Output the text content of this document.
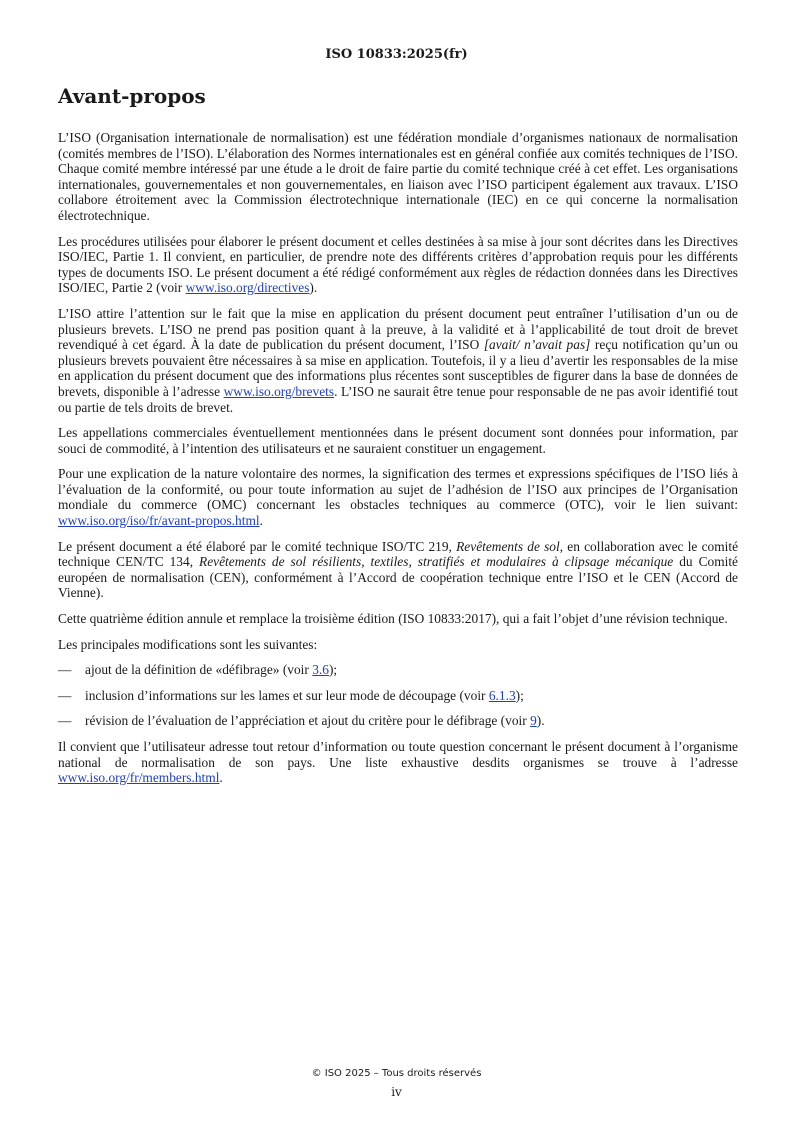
ISO 10833:2025(fr)
Avant-propos

L’ISO (Organisation internationale de normalisation) est une fédération mondiale d’organismes nationaux de normalisation (comités membres de l’ISO). L’élaboration des Normes internationales est en général confiée aux comités techniques de l’ISO. Chaque comité membre intéressé par une étude a le droit de faire partie du comité technique créé à cet effet. Les organisations internationales, gouvernementales et non gouvernementales, en liaison avec l’ISO participent également aux travaux. L’ISO collabore étroitement avec la Commission électrotechnique internationale (IEC) en ce qui concerne la normalisation électrotechnique.

Les procédures utilisées pour élaborer le présent document et celles destinées à sa mise à jour sont décrites dans les Directives ISO/IEC, Partie 1. Il convient, en particulier, de prendre note des différents critères d’approbation requis pour les différents types de documents ISO. Le présent document a été rédigé conformément aux règles de rédaction données dans les Directives ISO/IEC, Partie 2 (voir www.iso.org/directives).

L’ISO attire l’attention sur le fait que la mise en application du présent document peut entraîner l’utilisation d’un ou de plusieurs brevets. L’ISO ne prend pas position quant à la preuve, à la validité et à l’applicabilité de tout droit de brevet revendiqué à cet égard. À la date de publication du présent document, l’ISO [avait/ n’avait pas] reçu notification qu’un ou plusieurs brevets pouvaient être nécessaires à sa mise en application. Toutefois, il y a lieu d’avertir les responsables de la mise en application du présent document que des informations plus récentes sont susceptibles de figurer dans la base de données de brevets, disponible à l’adresse www.iso.org/brevets. L’ISO ne saurait être tenue pour responsable de ne pas avoir identifié tout ou partie de tels droits de brevet.

Les appellations commerciales éventuellement mentionnées dans le présent document sont données pour information, par souci de commodité, à l’intention des utilisateurs et ne sauraient constituer un engagement.

Pour une explication de la nature volontaire des normes, la signification des termes et expressions spécifiques de l’ISO liés à l’évaluation de la conformité, ou pour toute information au sujet de l’adhésion de l’ISO aux principes de l’Organisation mondiale du commerce (OMC) concernant les obstacles techniques au commerce (OTC), voir le lien suivant: www.iso.org/iso/fr/avant-propos.html.

Le présent document a été élaboré par le comité technique ISO/TC 219, Revêtements de sol, en collaboration avec le comité technique CEN/TC 134, Revêtements de sol résilients, textiles, stratifiés et modulaires à clipsage mécanique du Comité européen de normalisation (CEN), conformément à l’Accord de coopération technique entre l’ISO et le CEN (Accord de Vienne).

Cette quatrième édition annule et remplace la troisième édition (ISO 10833:2017), qui a fait l’objet d’une révision technique.

Les principales modifications sont les suivantes:

—	ajout de la définition de «défibrage» (voir 3.6);

—	inclusion d’informations sur les lames et sur leur mode de découpage (voir 6.1.3);

—	révision de l’évaluation de l’appréciation et ajout du critère pour le défibrage (voir 9).

Il convient que l’utilisateur adresse tout retour d’information ou toute question concernant le présent document à l’organisme national de normalisation de son pays. Une liste exhaustive desdits organismes se trouve à l’adresse www.iso.org/fr/members.html.

© ISO 2025 – Tous droits réservés
iv
